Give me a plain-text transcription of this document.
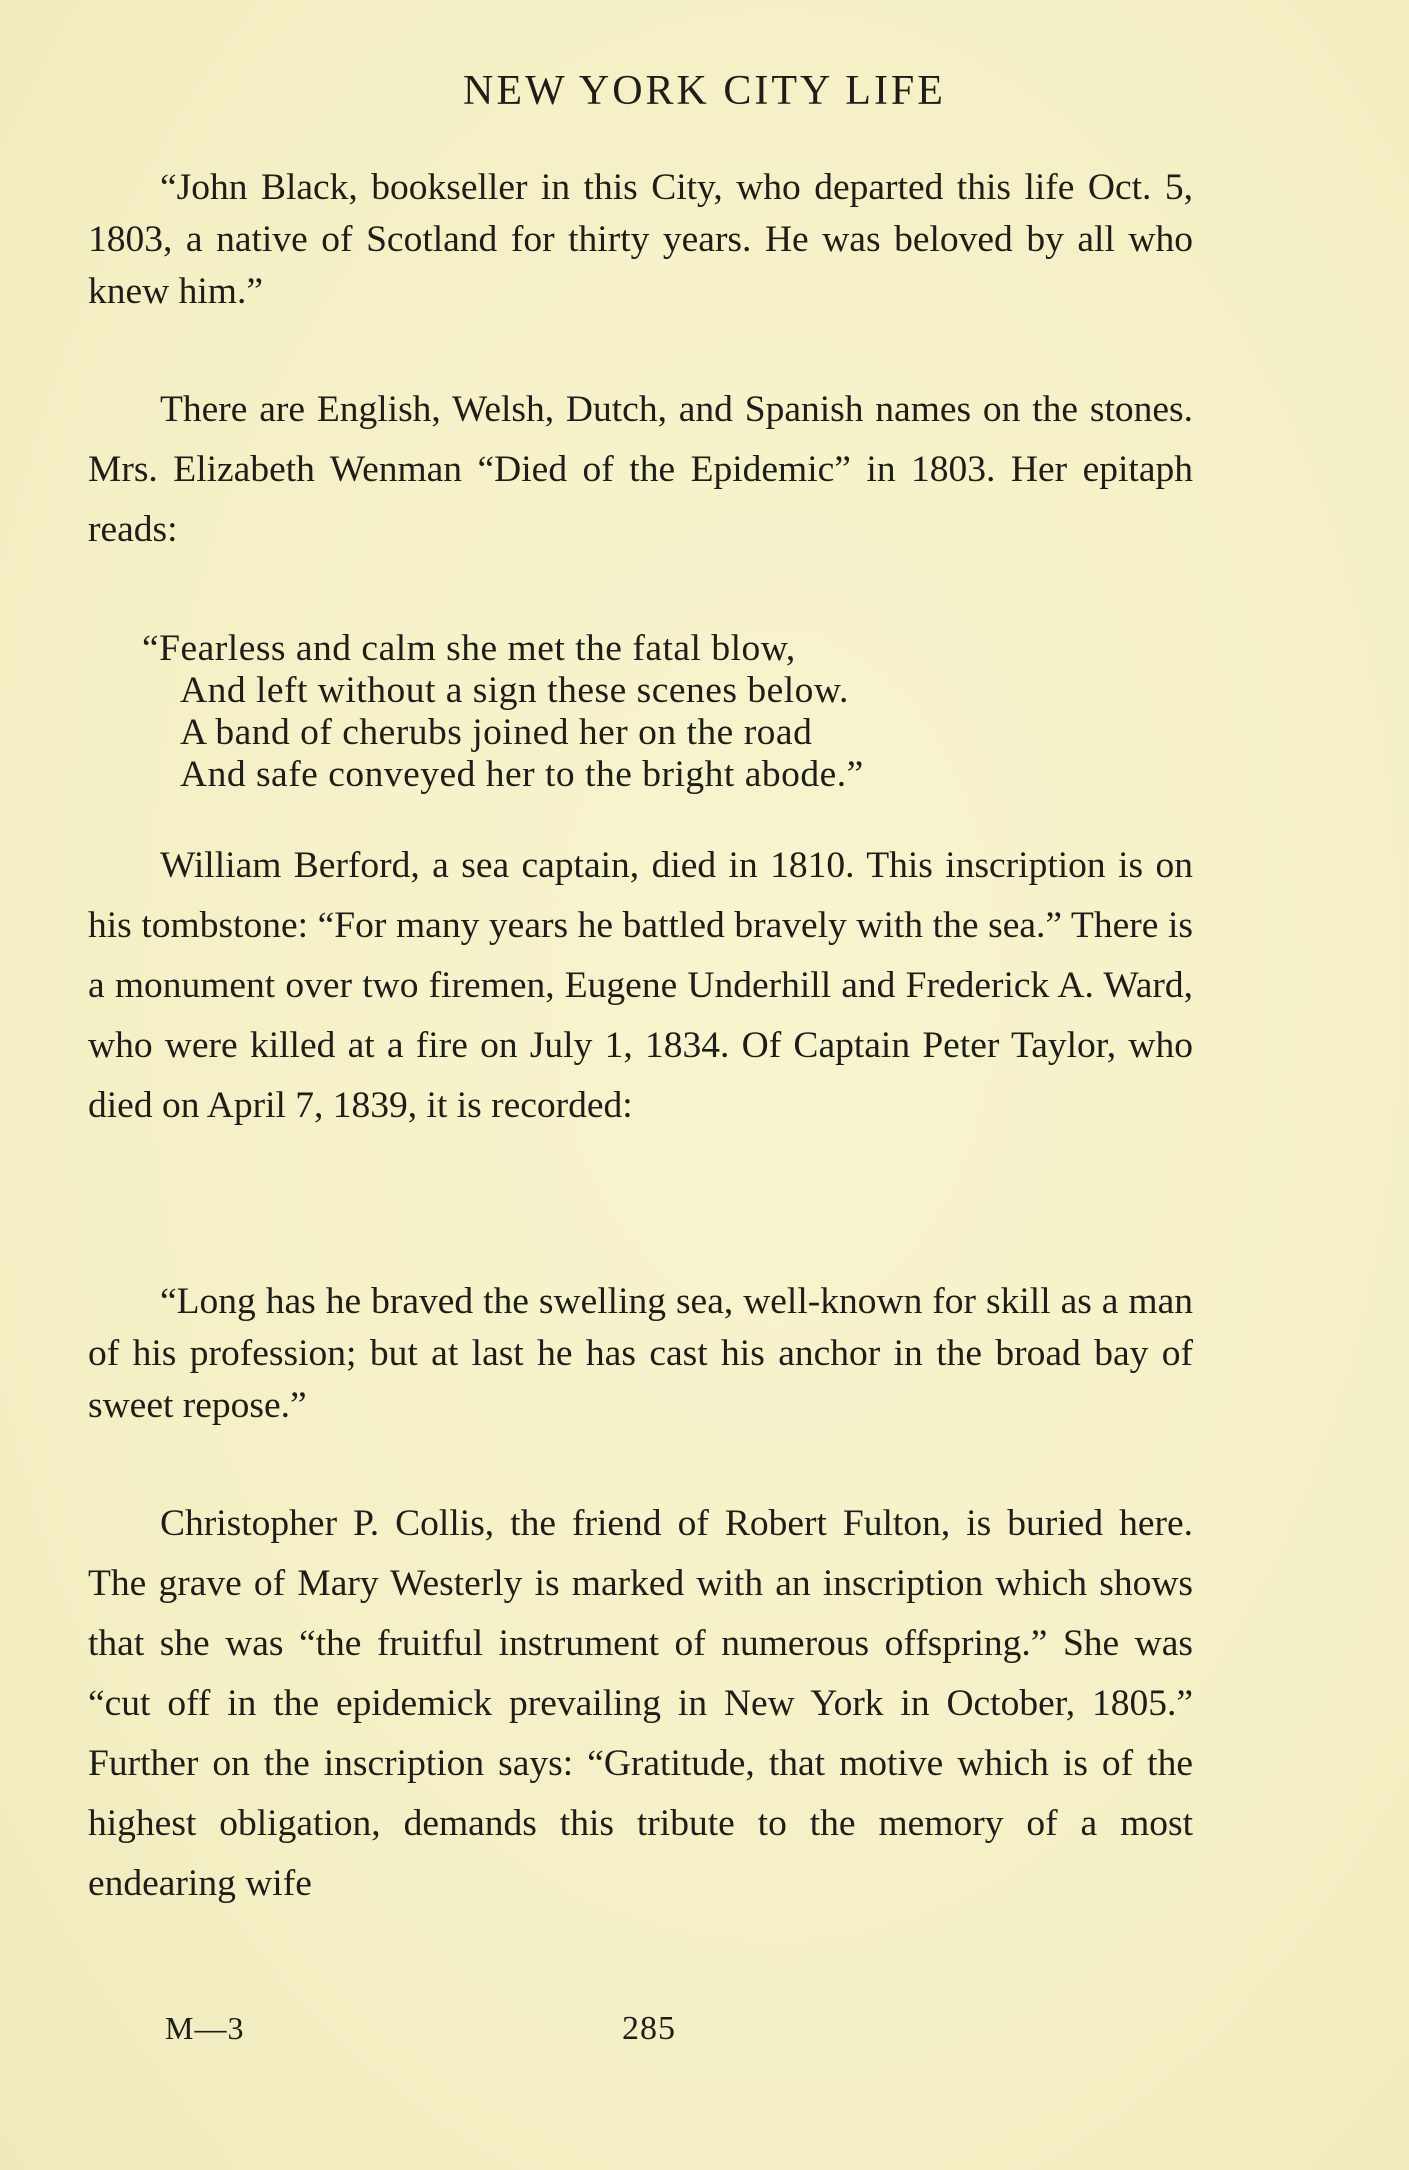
NEW YORK CITY LIFE

“John Black, bookseller in this City, who departed this life Oct. 5, 1803, a native of Scotland for thirty years. He was beloved by all who knew him.”

There are English, Welsh, Dutch, and Spanish names on the stones. Mrs. Elizabeth Wenman “Died of the Epidemic” in 1803. Her epitaph reads:

“Fearless and calm she met the fatal blow,
And left without a sign these scenes below.
A band of cherubs joined her on the road
And safe conveyed her to the bright abode.”

William Berford, a sea captain, died in 1810. This inscription is on his tombstone: “For many years he battled bravely with the sea.” There is a monument over two firemen, Eugene Underhill and Frederick A. Ward, who were killed at a fire on July 1, 1834. Of Captain Peter Taylor, who died on April 7, 1839, it is recorded:

“Long has he braved the swelling sea, well-known for skill as a man of his profession; but at last he has cast his anchor in the broad bay of sweet repose.”

Christopher P. Collis, the friend of Robert Fulton, is buried here. The grave of Mary Westerly is marked with an inscription which shows that she was “the fruitful instrument of numerous offspring.” She was “cut off in the epidemick prevailing in New York in October, 1805.” Further on the inscription says: “Gratitude, that motive which is of the highest obligation, demands this tribute to the memory of a most endearing wife

M—3	285
